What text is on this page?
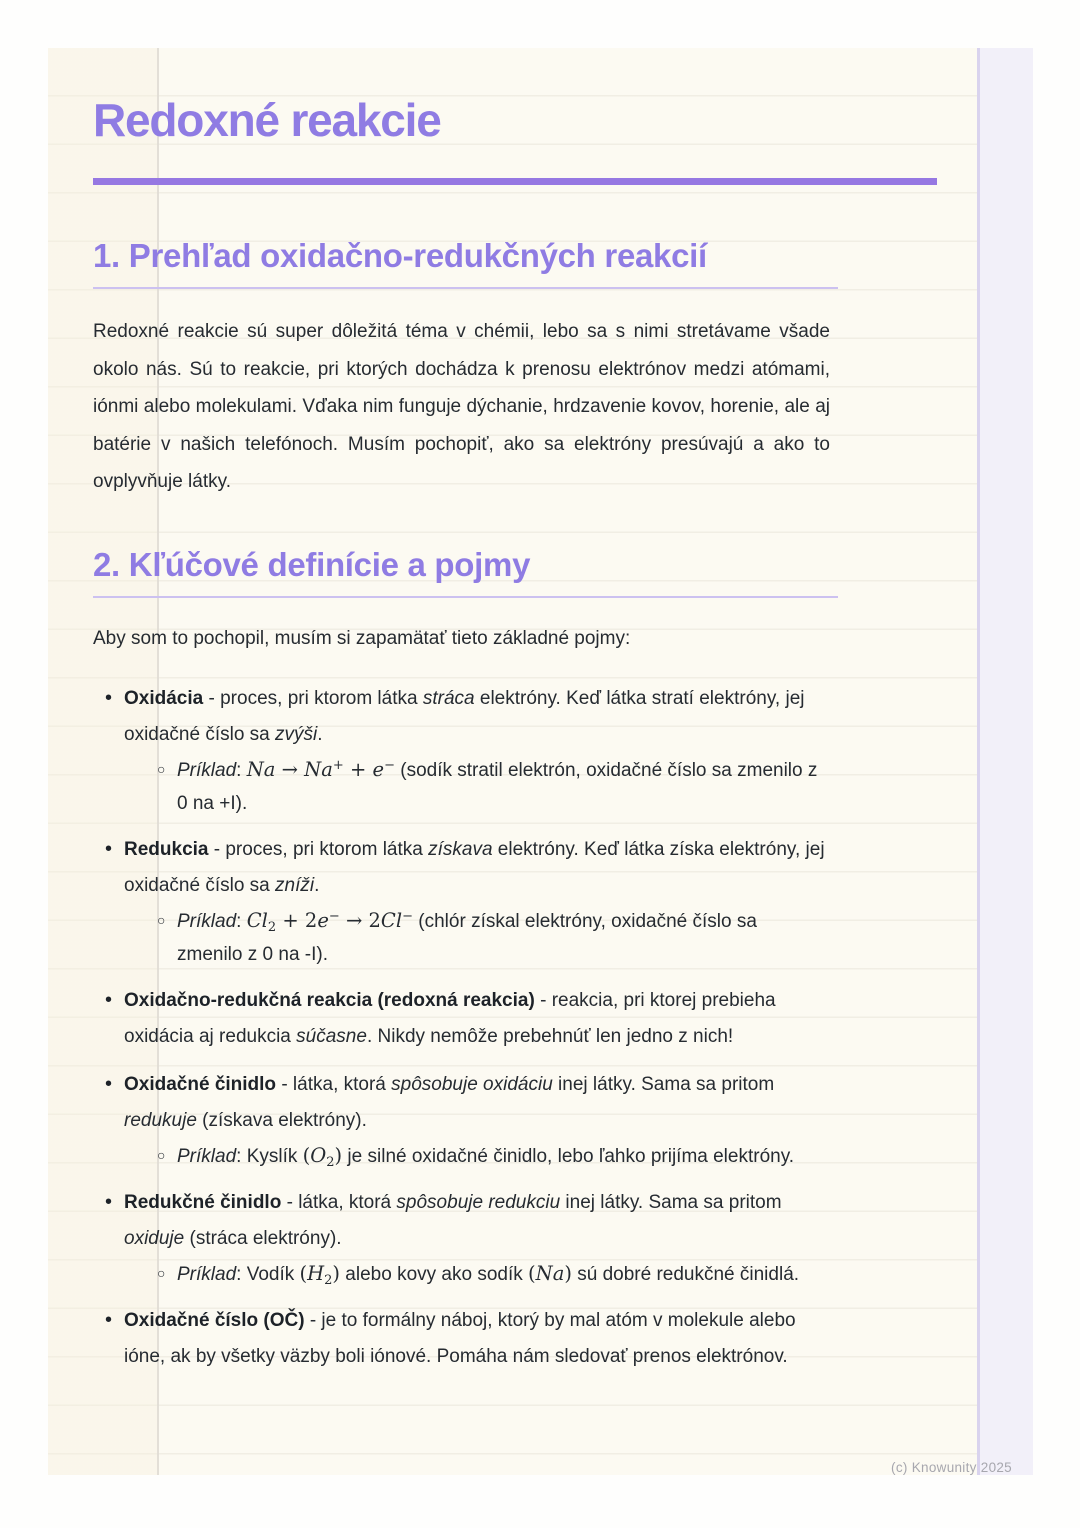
Redoxné reakcie
1. Prehľad oxidačno-redukčných reakcií

Redoxné reakcie sú super dôležitá téma v chémii, lebo sa s nimi stretávame všade okolo nás. Sú to reakcie, pri ktorých dochádza k prenosu elektrónov medzi atómami, iónmi alebo molekulami. Vďaka nim funguje dýchanie, hrdzavenie kovov, horenie, ale aj batérie v našich telefónoch. Musím pochopiť, ako sa elektróny presúvajú a ako to ovplyvňuje látky.

2. Kľúčové definície a pojmy

Aby som to pochopil, musím si zapamätať tieto základné pojmy:

• Oxidácia - proces, pri ktorom látka stráca elektróny. Keď látka stratí elektróny, jej oxidačné číslo sa zvýši.
○ Príklad: Na → Na+ + e− (sodík stratil elektrón, oxidačné číslo sa zmenilo z 0 na +I).
• Redukcia - proces, pri ktorom látka získava elektróny. Keď látka získa elektróny, jej oxidačné číslo sa zníži.
○ Príklad: Cl2 + 2e− → 2Cl− (chlór získal elektróny, oxidačné číslo sa zmenilo z 0 na -I).
• Oxidačno-redukčná reakcia (redoxná reakcia) - reakcia, pri ktorej prebieha oxidácia aj redukcia súčasne. Nikdy nemôže prebehnúť len jedno z nich!
• Oxidačné činidlo - látka, ktorá spôsobuje oxidáciu inej látky. Sama sa pritom redukuje (získava elektróny).
○ Príklad: Kyslík (O2) je silné oxidačné činidlo, lebo ľahko prijíma elektróny.
• Redukčné činidlo - látka, ktorá spôsobuje redukciu inej látky. Sama sa pritom oxiduje (stráca elektróny).
○ Príklad: Vodík (H2) alebo kovy ako sodík (Na) sú dobré redukčné činidlá.
• Oxidačné číslo (OČ) - je to formálny náboj, ktorý by mal atóm v molekule alebo ióne, ak by všetky väzby boli iónové. Pomáha nám sledovať prenos elektrónov.
(c) Knowunity 2025
